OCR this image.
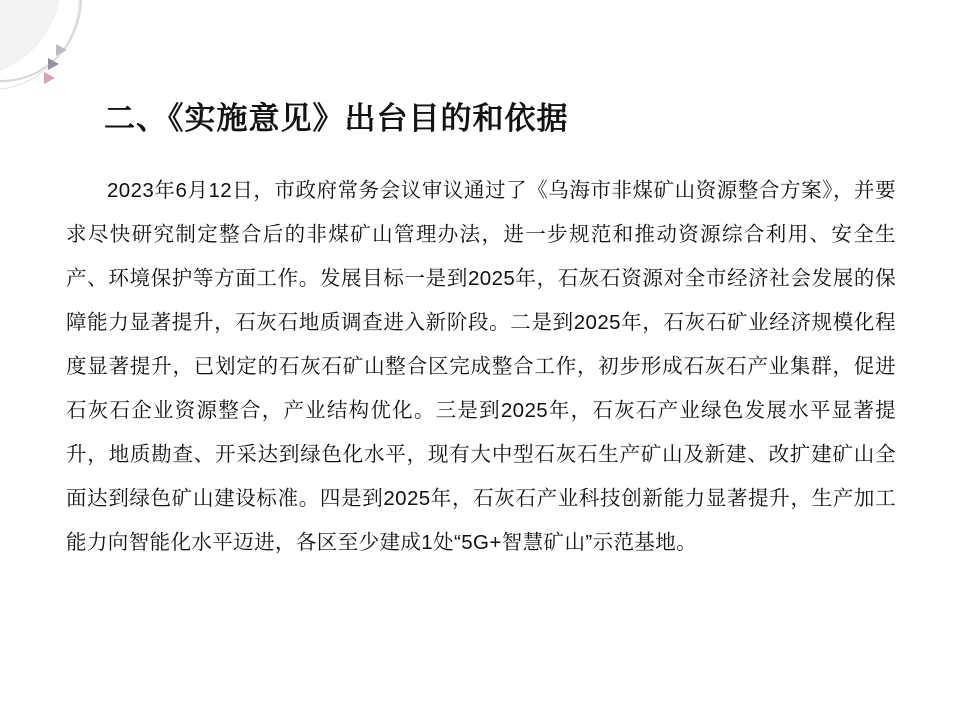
二、《实施意见》出台目的和依据

2023年6月12日，市政府常务会议审议通过了《乌海市非煤矿山资源整合方案》，并要求尽快研究制定整合后的非煤矿山管理办法，进一步规范和推动资源综合利用、安全生产、环境保护等方面工作。发展目标一是到2025年，石灰石资源对全市经济社会发展的保障能力显著提升，石灰石地质调查进入新阶段。二是到2025年，石灰石矿业经济规模化程度显著提升，已划定的石灰石矿山整合区完成整合工作，初步形成石灰石产业集群，促进石灰石企业资源整合，产业结构优化。三是到2025年，石灰石产业绿色发展水平显著提升，地质勘查、开采达到绿色化水平，现有大中型石灰石生产矿山及新建、改扩建矿山全面达到绿色矿山建设标准。四是到2025年，石灰石产业科技创新能力显著提升，生产加工能力向智能化水平迈进，各区至少建成1处“5G+智慧矿山”示范基地。
